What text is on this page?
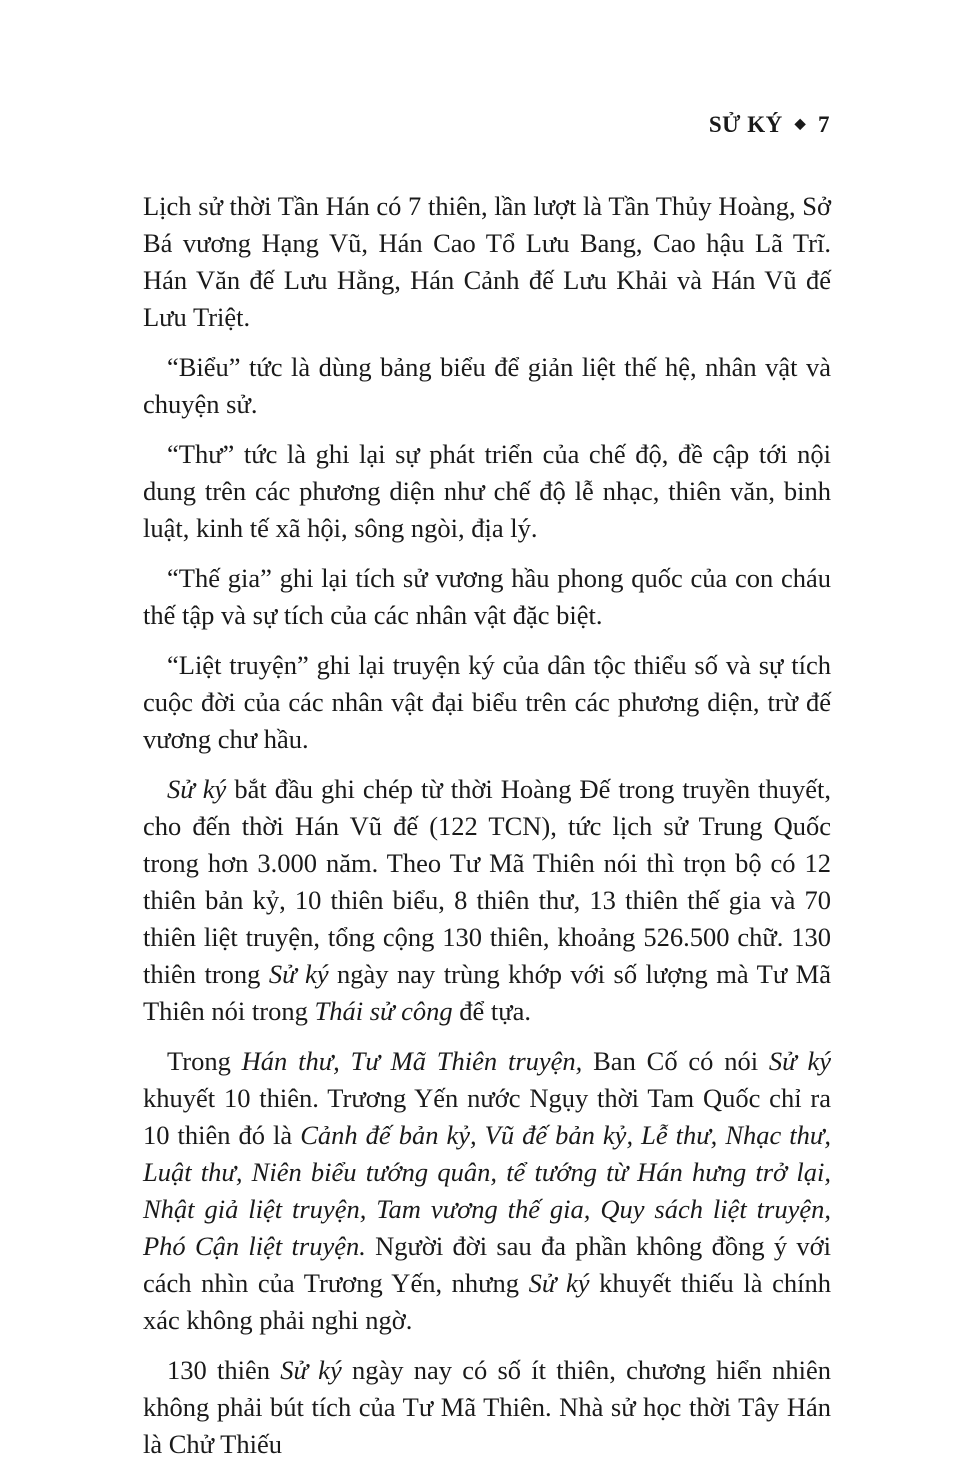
SỬ KÝ ◆ 7

Lịch sử thời Tần Hán có 7 thiên, lần lượt là Tần Thủy Hoàng, Sở Bá vương Hạng Vũ, Hán Cao Tổ Lưu Bang, Cao hậu Lã Trĩ. Hán Văn đế Lưu Hằng, Hán Cảnh đế Lưu Khải và Hán Vũ đế Lưu Triệt.

“Biểu” tức là dùng bảng biểu để giản liệt thế hệ, nhân vật và chuyện sử.

“Thư” tức là ghi lại sự phát triển của chế độ, đề cập tới nội dung trên các phương diện như chế độ lễ nhạc, thiên văn, binh luật, kinh tế xã hội, sông ngòi, địa lý.

“Thế gia” ghi lại tích sử vương hầu phong quốc của con cháu thế tập và sự tích của các nhân vật đặc biệt.

“Liệt truyện” ghi lại truyện ký của dân tộc thiểu số và sự tích cuộc đời của các nhân vật đại biểu trên các phương diện, trừ đế vương chư hầu.

Sử ký bắt đầu ghi chép từ thời Hoàng Đế trong truyền thuyết, cho đến thời Hán Vũ đế (122 TCN), tức lịch sử Trung Quốc trong hơn 3.000 năm. Theo Tư Mã Thiên nói thì trọn bộ có 12 thiên bản kỷ, 10 thiên biểu, 8 thiên thư, 13 thiên thế gia và 70 thiên liệt truyện, tổng cộng 130 thiên, khoảng 526.500 chữ. 130 thiên trong Sử ký ngày nay trùng khớp với số lượng mà Tư Mã Thiên nói trong Thái sử công để tựa.

Trong Hán thư, Tư Mã Thiên truyện, Ban Cố có nói Sử ký khuyết 10 thiên. Trương Yến nước Ngụy thời Tam Quốc chỉ ra 10 thiên đó là Cảnh đế bản kỷ, Vũ đế bản kỷ, Lễ thư, Nhạc thư, Luật thư, Niên biểu tướng quân, tể tướng từ Hán hưng trở lại, Nhật giả liệt truyện, Tam vương thế gia, Quy sách liệt truyện, Phó Cận liệt truyện. Người đời sau đa phần không đồng ý với cách nhìn của Trương Yến, nhưng Sử ký khuyết thiếu là chính xác không phải nghi ngờ.

130 thiên Sử ký ngày nay có số ít thiên, chương hiển nhiên không phải bút tích của Tư Mã Thiên. Nhà sử học thời Tây Hán là Chử Thiếu
